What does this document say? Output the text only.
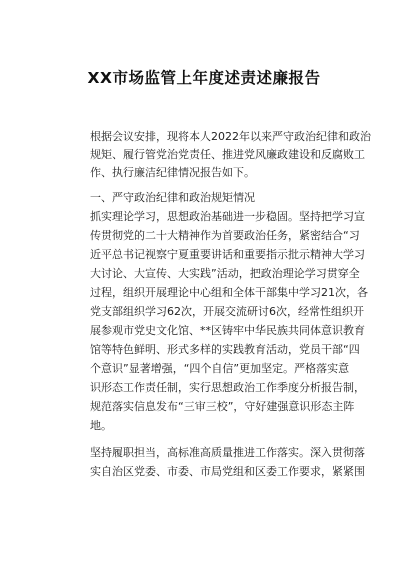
XX市场监管上年度述责述廉报告
根据会议安排，现将本人2022年以来严守政治纪律和政治
规矩、履行管党治党责任、推进党风廉政建设和反腐败工
作、执行廉洁纪律情况报告如下。
一、严守政治纪律和政治规矩情况
抓实理论学习，思想政治基础进一步稳固。坚持把学习宣
传贯彻党的二十大精神作为首要政治任务，紧密结合“习
近平总书记视察宁夏重要讲话和重要指示批示精神大学习
大讨论、大宣传、大实践”活动，把政治理论学习贯穿全
过程，组织开展理论中心组和全体干部集中学习21次，各
党支部组织学习62次，开展交流研讨6次，经常性组织开
展参观市党史文化馆、**区铸牢中华民族共同体意识教育
馆等特色鲜明、形式多样的实践教育活动，党员干部“四
个意识”显著增强，“四个自信”更加坚定。严格落实意
识形态工作责任制，实行思想政治工作季度分析报告制，
规范落实信息发布“三审三校”，守好建强意识形态主阵
地。
坚持履职担当，高标准高质量推进工作落实。深入贯彻落
实自治区党委、市委、市局党组和区委工作要求，紧紧围
